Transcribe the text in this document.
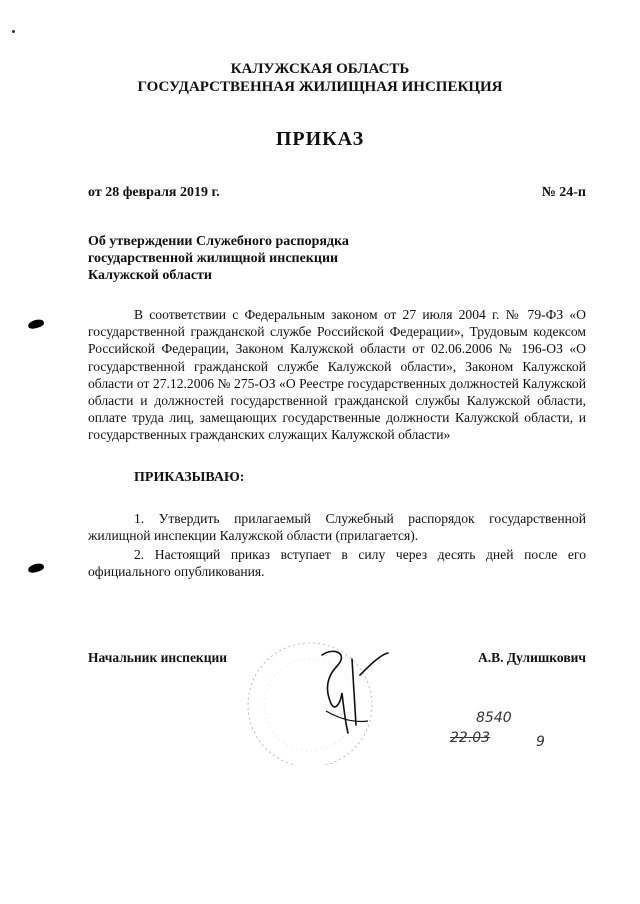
КАЛУЖСКАЯ ОБЛАСТЬ
ГОСУДАРСТВЕННАЯ ЖИЛИЩНАЯ ИНСПЕКЦИЯ
ПРИКАЗ
от 28 февраля 2019 г.	№ 24-п
Об утверждении Служебного распорядка
государственной жилищной инспекции
Калужской области
В соответствии с Федеральным законом от 27 июля 2004 г. № 79-ФЗ «О государственной гражданской службе Российской Федерации», Трудовым кодексом Российской Федерации, Законом Калужской области от 02.06.2006 № 196-ОЗ «О государственной гражданской службе Калужской области», Законом Калужской области от 27.12.2006 № 275-ОЗ «О Реестре государственных должностей Калужской области и должностей государственной гражданской службы Калужской области, оплате труда лиц, замещающих государственные должности Калужской области, и государственных гражданских служащих Калужской области»
ПРИКАЗЫВАЮ:
1. Утвердить прилагаемый Служебный распорядок государственной жилищной инспекции Калужской области (прилагается).
2. Настоящий приказ вступает в силу через десять дней после его официального опубликования.
Начальник инспекции	А.В. Дулишкович
8540
22.03	9
